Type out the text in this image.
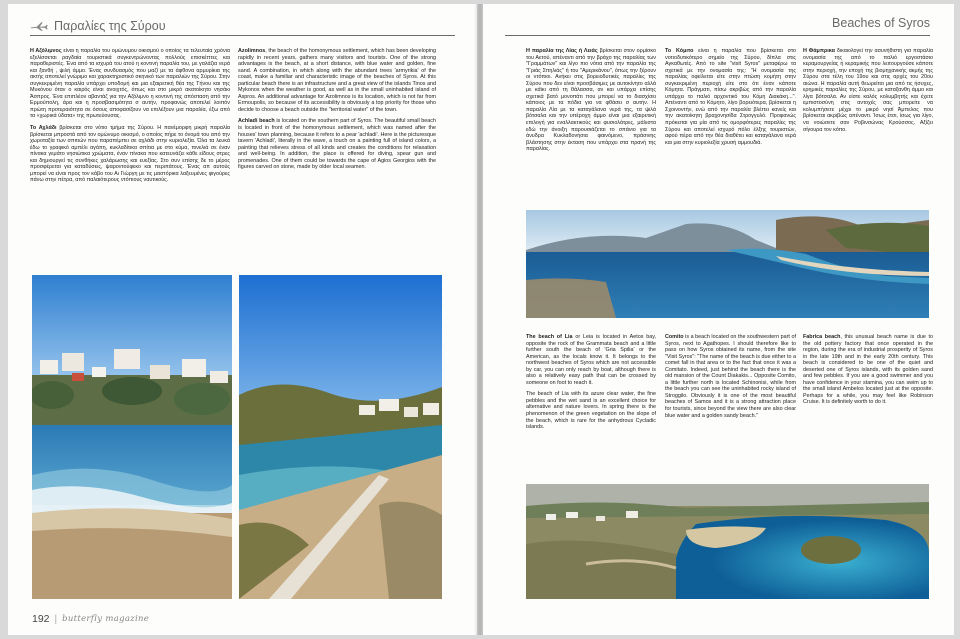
Παραλίες της Σύρου

Η Αζόλιμνος είναι η παραλία του ομώνυμου οικισμού ο οποίος τα τελευταία χρόνια εξελίσσεται ραγδαία τουριστικά συγκεντρώνοντας πολλούς επισκέπτες και παραθεριστές. Ένα από τα ισχυρά του ατού η κοντινή παραλία του, με γαλάζια νερά και ξανθή , ψιλή άμμο. Ένας συνδυασμός που μαζί με τα άφθονα αρμυρίκια της ακτής αποτελεί γνώριμο και χαρακτηριστικό σκηνικό των παραλιών της Σύρου. Στην συγκεκριμένη παραλία υπάρχει υποδομή και μια εξαιρετική θέα της Τήνου και της Μυκόνου όταν ο καιρός είναι ανοιχτός, όπως και στο μικρό ακατοίκητο νησάκι Άσπρος. Ένα επιπλέον αβαντάζ για την Αζόλιμνο η κοντινή της απόσταση από την Ερμούπολη, άρα και η προσβασιμότητα σ αυτήν, προφανώς αποτελεί λοιπόν πρώτη προτεραιότητα σε όσους αποφασίζουν να επιλέξουν μια παραλία, έξω από τα «χωρικά ύδατα» της πρωτεύουσας.

Το Αχλάδι βρίσκεται στο νότιο τμήμα της Σύρου. Η πανέμορφη μικρή παραλία βρίσκεται μπροστά από τον ομώνυμο οικισμό, ο οποίος πήρε το όνομά του από την χωροταξία των σπιτιών που παραπέμπει σε αχλάδι στην κυριολεξία. Όλα τα λευκά έδω το γραφικό αμπέλι αγάπη, κυκλαδίτικα σπίτια με στο κύμα, πινελιά σε έναν πίνακα γεμάτο νησιώτικα χρώματα, έναν πίνακα που κατευνάζει κάθε είδους στρες και δημιουργεί τις συνθήκες χαλάρωσης και ευεξίας. Στο συν επίσης δε το μέρος προσφέρεται για καταδύσεις, ψαροντούφεκο και περιπάτους. Ένας απ αυτούς μπορεί να είναι προς τον κάβο του Αι Γιώργη με τις μαστόρικα λαξευμένες φιγούρες πάνω στην πέτρα, από παλαιότερους ντόπιους ναυτικούς.

Azolimnos, the beach of the homonymous settlement, which has been developing rapidly in recent years, gathers many visitors and tourists. One of the strong advantages is the beach, at a short distance, with blue water and golden, fine sand. A combination, in which along with the abundant trees 'armyrikia' of the coast, make a familiar and characteristic image of the beaches of Syros. At this particular beach there is an infrastructure and a great view of the islands Tinos and Mykonos when the weather is good, as well as in the small uninhabited island of Aspros. An additional advantage for Azolimnos is its location, which is not far from Ermoupolis, so because of its accessibility is obviously a top priority for those who decide to choose a beach outside the "territorial water" of the town.

Achladi beach is located on the southern part of Syros. The beautiful small beach is located in front of the homonymous settlement, which was named after the houses' town planning, because it refers to a pear 'achladi'. Here is the picturesque tavern 'Achladi', literally in the wave, a touch on a painting full of island colors, a painting that relieves stress of all kinds and creates the conditions for relaxation and well-being. In addition, the place is offered for diving, spear gun and promenades. One of them could be towards the cape of Agios Georgios with the figures carved on stone, made by older local seamen.

192 | butterfly magazine
Beaches of Syros

Η παραλία της Λίας ή Λειάς βρίσκεται στον ορμίσκο του Αετού, απέναντι από την βράχο της παραλίας των "Γραμμάτων" και λίγο πιο νότια από την παραλία της "Γριάς Σπηλιάς" ή του "Αμερικάνου", όπως την ξέρουν οι ντόπιοι. Ανήκει στις βορειοδυτικές παραλίες της Σύρου που δεν είναι προσβάσιμες με αυτοκίνητο αλλά με κάϊκι από τη θάλασσα, αν και υπάρχει επίσης σχετικά βατό μονοπάτι που μπορεί να το διασχίσει κάποιος με τα πόδια για να φθάσει σ αυτήν. Η παραλία Λία με τα καταγάλανα νερά της, τα ψιλά βότσαλα και την υπέροχη άμμο είναι μια εξαιρετική επιλογή για εναλλακτικούς και φυσιολάτρες, μάλιστα εδώ την άνοιξη παρουσιάζεται το σπάνιο για τα άνυδρα Κυκλαδονήσια φαινόμενο, πράσινης βλάστησης στην έκταση που υπάρχει στα πρανή της παραλίας.

Το Κόμιτο είναι η παραλία που βρίσκεται στο νοτιοδυτικότερο σημείο της Σύρου, δίπλα στις Αγκαθωτές. Από το site "visit Syros" μεταφέρω τα σχετικά με την ονομασία της: "Η ονομασία της παραλίας οφείλεται είτε στην πτώση κομήτη στην συγκεκριμένη περιοχή είτε στο ότι έναν κάποτε Κόμητα. Πράγματι, πίσω ακριβώς από την παραλία υπάρχει το παλιό αρχοντικό του Κόμη Διακάκη...". Απέναντι από το Κόμητο, λίγο βορειότερα, βρίσκεται η Σχοινοντήν, ενώ από την παραλία βλέπει κανείς και την ακατοίκητη βραχονησίδα Στρογγυλό. Προφανώς πρόκειται για μία από τις ομορφότερες παραλίες της Σύρου και αποτελεί ισχυρό πόλο έλξης τουριστών, αφού πέρα από την θέα διαθέτει και καταγάλανα νερά και μια στην κυριολεξία χρυσή αμμουδιά.

Η Φάμπρικα δικαιολογεί την ασυνήθιστη για παραλία ονομασία της από το παλιό εργοστάσιο κεραμουργείας ή κεραμικής που λειτουργούσε κάποτε στην περιοχή, την εποχή της βιομηχανικής ακμής της Σύρου στα τέλη του 19ου και στις αρχές του 20ου αιώνα. Η παραλία αυτή θεωρείται μια από τις ήσυχες, ερημικές παραλίες της Σύρου, με καταξανθη άμμο και λίγα βότσαλα. Αν είστε καλός κολυμβητής και έχετε εμπιστοσύνη στις αντοχές σας μπορείτε να κολυμπήσετε μέχρι το μικρό νησί Άμπελος που βρίσκεται ακριβώς απέναντι. Ίσως έτσι, ίσως για λίγο, να νοιώσετε σαν Ροβινσώνας Κρούσσος. Αξίζει σίγουρα τον κόπο.

The beach of Lia or Leia is located in Aetos bay, opposite the rock of the Grammata beach and a little further south the beach of 'Gria Spilia' or the American, as the locals know it. It belongs to the northwest beaches of Syros which are not accessible by car, you can only reach by boat, although there is also a relatively easy path that can be crossed by someone on foot to reach it.

The beach of Lia with its azure clear water, the fine pebbles and the wet sand is an excellent choice for alternative and nature lovers. In spring there is the phenomenon of the green vegetation on the slope of the beach, which is rare for the anhydrous Cycladic islands.

Comito is a beach located on the southwestern part of Syros, next to Agathopes. I should therefore like to pass on how Syros obtained its name, from the site "Visit Syros": "The name of the beach is due either to a comet fall in that area or to the fact that once it was a Comitato. Indeed, just behind the beach there is the old mansion of the Count Diakakis... Opposite Comito, a little further north is located Schinonisi, while from the beach you can see the uninhabited rocky island of Stroggilo. Obviously it is one of the most beautiful beaches of Samos and it is a strong attraction place for tourists, since beyond the view there are also clear blue water and a golden sandy beach."

Fabrica beach, this unusual beach name is due to the old pottery factory that once operated in the region, during the era of industrial prosperity of Syros in the late 19th and in the early 20th century. This beach is considered to be one of the quiet and deserted one of Syros islands, with its golden sand and few pebbles. If you are a good swimmer and you have confidence in your stamina, you can swim up to the small island Ambelos located just at the opposite. Perhaps for a while, you may feel like Robinson Cruise. It is definitely worth to do it.
